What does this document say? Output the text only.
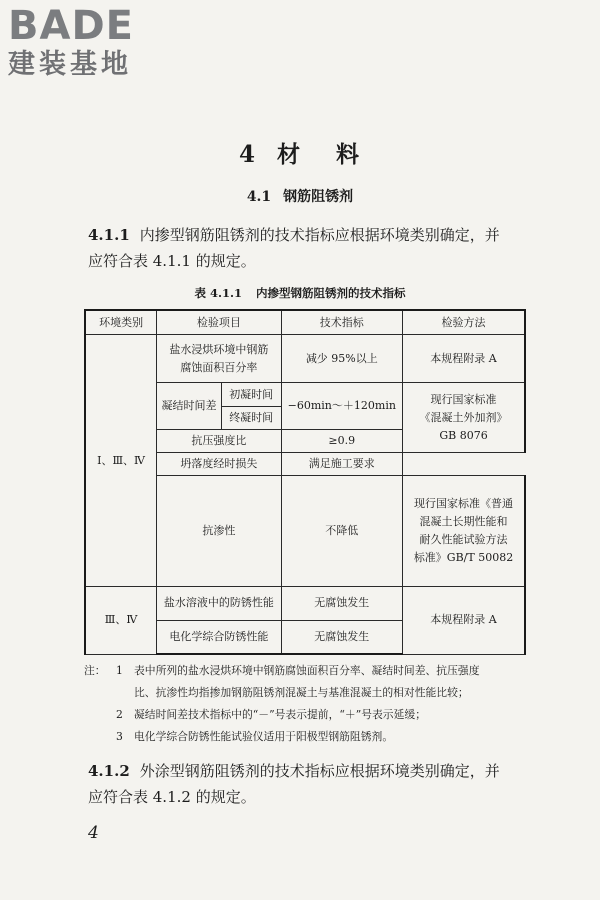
BADE
建装基地
4 材 料
4.1 钢筋阻锈剂
4.1.1 内掺型钢筋阻锈剂的技术指标应根据环境类别确定，并
应符合表 4.1.1 的规定。
表 4.1.1 内掺型钢筋阻锈剂的技术指标
环境类别	检验项目		技术指标	检验方法
Ⅰ、Ⅲ、Ⅳ	盐水浸烘环境中钢筋
腐蚀面积百分率		减少 95%以上	本规程附录 A
	凝结时间差	初凝时间	−60min～＋120min	现行国家标准
《混凝土外加剂》
GB 8076

		终凝时间		
	抗压强度比		≥0.9	
	坍落度经时损失		满足施工要求	
	抗渗性		不降低	现行国家标准《普通
混凝土长期性能和
耐久性能试验方法
标准》GB/T 50082

Ⅲ、Ⅳ	盐水溶液中的防锈性能		无腐蚀发生	本规程附录 A
	电化学综合防锈性能		无腐蚀发生	
注： 1	表中所列的盐水浸烘环境中钢筋腐蚀面积百分率、凝结时间差、抗压强度
比、抗渗性均指掺加钢筋阻锈剂混凝土与基准混凝土的相对性能比较；
2	凝结时间差技术指标中的“－”号表示提前，“＋”号表示延缓；
3	电化学综合防锈性能试验仪适用于阳极型钢筋阻锈剂。
4.1.2 外涂型钢筋阻锈剂的技术指标应根据环境类别确定，并
应符合表 4.1.2 的规定。
4
